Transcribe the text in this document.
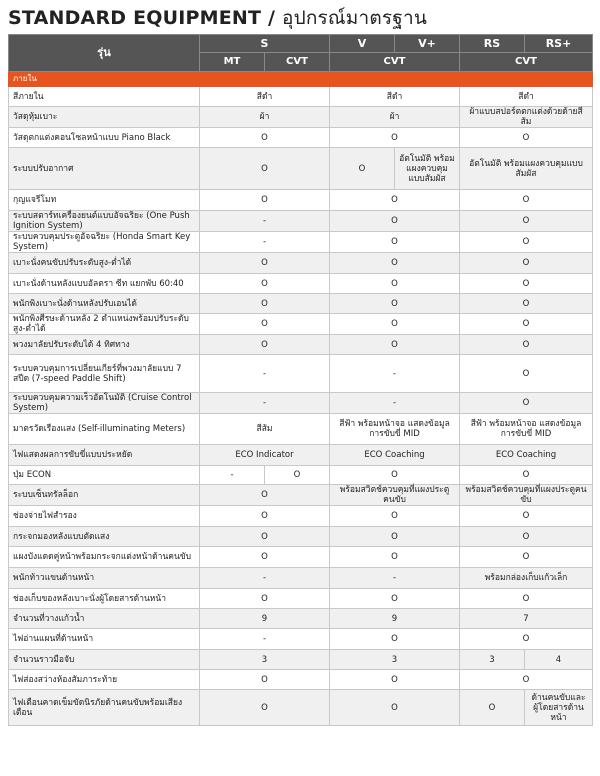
STANDARD EQUIPMENT / อุปกรณ์มาตรฐาน
รุ่น	S		V	V+	RS	RS+
	MT	CVT	CVT		CVT	
ภายใน						
สีภายใน	สีดำ		สีดำ		สีดำ	
วัสดุหุ้มเบาะ	ผ้า		ผ้า		ผ้าแบบสปอร์ตตกแต่งด้วยด้ายสีส้ม	
วัสดุตกแต่งคอนโซลหน้าแบบ Piano Black	O		O		O	
ระบบปรับอากาศ	O		O	อัตโนมัติ พร้อมแผงควบคุม แบบสัมผัส	อัตโนมัติ พร้อมแผงควบคุมแบบสัมผัส	
กุญแจรีโมท	O		O		O	
ระบบสตาร์ทเครื่องยนต์แบบอัจฉริยะ (One Push Ignition System)	-		O		O	
ระบบควบคุมประตูอัจฉริยะ (Honda Smart Key System)	-		O		O	
เบาะนั่งคนขับปรับระดับสูง-ต่ำได้	O		O		O	
เบาะนั่งด้านหลังแบบอัลตรา ซีท แยกพับ 60:40	O		O		O	
พนักพิงเบาะนั่งด้านหลังปรับเอนได้	O		O		O	
พนักพิงศีรษะด้านหลัง 2 ตำแหน่งพร้อมปรับระดับสูง-ต่ำได้	O		O		O	
พวงมาลัยปรับระดับได้ 4 ทิศทาง	O		O		O	
ระบบควบคุมการเปลี่ยนเกียร์ที่พวงมาลัยแบบ 7 สปีด (7-speed Paddle Shift)	-		-		O	
ระบบควบคุมความเร็วอัตโนมัติ (Cruise Control System)	-		-		O	
มาตรวัดเรืองแสง (Self-illuminating Meters)	สีส้ม		สีฟ้า พร้อมหน้าจอ แสดงข้อมูลการขับขี่ MID		สีฟ้า พร้อมหน้าจอ แสดงข้อมูลการขับขี่ MID	
ไฟแสดงผลการขับขี่แบบประหยัด	ECO Indicator		ECO Coaching		ECO Coaching	
ปุ่ม ECON	-	O	O		O	
ระบบเซ็นทรัลล็อก	O		พร้อมสวิตช์ควบคุมที่แผงประตูคนขับ		พร้อมสวิตช์ควบคุมที่แผงประตูคนขับ	
ช่องจ่ายไฟสำรอง	O		O		O	
กระจกมองหลังแบบตัดแสง	O		O		O	
แผงบังแดดคู่หน้าพร้อมกระจกแต่งหน้าด้านคนขับ	O		O		O	
พนักท้าวแขนด้านหน้า	-		-		พร้อมกล่องเก็บแก้วเล็ก	
ช่องเก็บของหลังเบาะนั่งผู้โดยสารด้านหน้า	O		O		O	
จำนวนที่วางแก้วน้ำ	9		9		7	
ไฟอ่านแผนที่ด้านหน้า	-		O		O	
จำนวนราวมือจับ	3		3		3	4
ไฟส่องสว่างห้องสัมภาระท้าย	O		O		O	
ไฟเตือนคาดเข็มขัดนิรภัยด้านคนขับพร้อมเสียงเตือน	O		O		O	ด้านคนขับและ ผู้โดยสารด้านหน้า
